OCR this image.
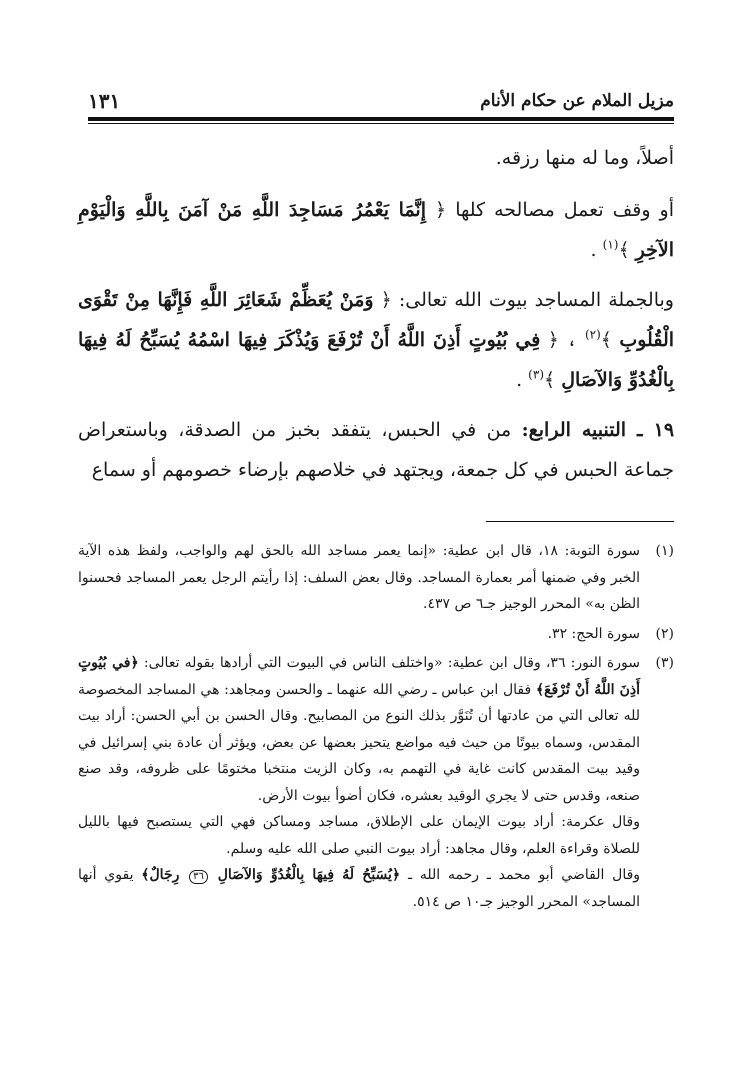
مزيل الملام عن حكام الأنام
١٣١

أصلاً، وما له منها رزقه.

أو وقف تعمل مصالحه كلها ﴿ إِنَّمَا يَعْمُرُ مَسَاجِدَ اللَّهِ مَنْ آمَنَ بِاللَّهِ وَالْيَوْمِ الآخِرِ ﴾$^{(١)}$ .

وبالجملة المساجد بيوت الله تعالى: ﴿ وَمَنْ يُعَظِّمْ شَعَائِرَ اللَّهِ فَإِنَّهَا مِنْ تَقْوَى الْقُلُوبِ ﴾$^{(٢)}$ ، ﴿ فِي بُيُوتٍ أَذِنَ اللَّهُ أَنْ تُرْفَعَ وَيُذْكَرَ فِيهَا اسْمُهُ يُسَبِّحُ لَهُ فِيهَا بِالْغُدُوِّ وَالآصَالِ ﴾$^{(٣)}$ .

١٩ ـ التنبيه الرابع: من في الحبس، يتفقد بخبز من الصدقة، وباستعراض جماعة الحبس في كل جمعة، ويجتهد في خلاصهم بإرضاء خصومهم أو سماع

(١)
سورة التوبة: ١٨، قال ابن عطية: «إنما يعمر مساجد الله بالحق لهم والواجب، ولفظ هذه الآية الخبر وفي ضمنها أمر بعمارة المساجد. وقال بعض السلف: إذا رأيتم الرجل يعمر المساجد فحسنوا الظن به» المحرر الوجيز جـ٦ ص ٤٣٧.
(٢)
سورة الحج: ٣٢.
(٣)
سورة النور: ٣٦، وقال ابن عطية: «واختلف الناس في البيوت التي أرادها بقوله تعالى: ﴿في بُيُوتٍ أَذِنَ اللَّهُ أَنْ تُرْفَعَ﴾ فقال ابن عباس ـ رضي الله عنهما ـ والحسن ومجاهد: هي المساجد المخصوصة لله تعالى التي من عادتها أن تُنَوَّر بذلك النوع من المصابيح. وقال الحسن بن أبي الحسن: أراد بيت المقدس، وسماه بيوتًا من حيث فيه مواضع يتحيز بعضها عن بعض، ويؤثر أن عادة بني إسرائيل في وقيد بيت المقدس كانت غاية في التهمم به، وكان الزيت منتخبا مختومًا على ظروفه، وقد صنع صنعه، وقدس حتى لا يجري الوقيد بعشره، فكان أضوأ بيوت الأرض.
وقال عكرمة: أراد بيوت الإيمان على الإطلاق، مساجد ومساكن فهي التي يستصبح فيها بالليل للصلاة وقراءة العلم، وقال مجاهد: أراد بيوت النبي صلى الله عليه وسلم.
وقال القاضي أبو محمد ـ رحمه الله ـ ﴿يُسَبِّحُ لَهُ فِيهَا بِالْغُدُوِّ وَالآصَالِ ٣٦ رِجَالٌ﴾ يقوي أنها المساجد» المحرر الوجيز جـ١٠ ص ٥١٤.
